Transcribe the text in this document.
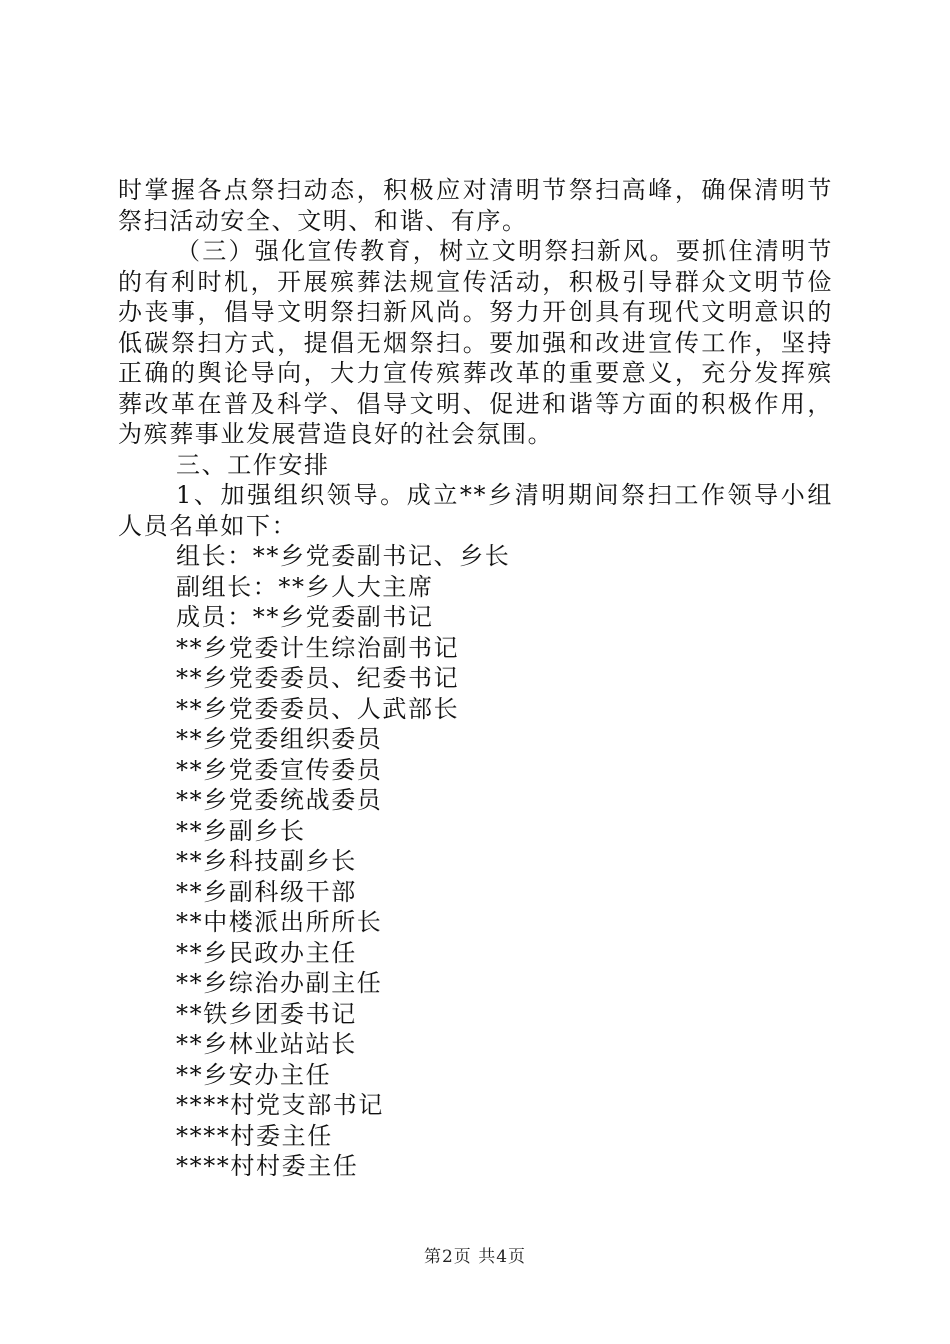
时掌握各点祭扫动态，积极应对清明节祭扫高峰，确保清明节祭扫活动安全、文明、和谐、有序。

（三）强化宣传教育，树立文明祭扫新风。要抓住清明节的有利时机，开展殡葬法规宣传活动，积极引导群众文明节俭办丧事，倡导文明祭扫新风尚。努力开创具有现代文明意识的低碳祭扫方式，提倡无烟祭扫。要加强和改进宣传工作，坚持正确的舆论导向，大力宣传殡葬改革的重要意义，充分发挥殡葬改革在普及科学、倡导文明、促进和谐等方面的积极作用，为殡葬事业发展营造良好的社会氛围。

三、工作安排

1、加强组织领导。成立**乡清明期间祭扫工作领导小组人员名单如下：

组长：**乡党委副书记、乡长

副组长：**乡人大主席

成员：**乡党委副书记

**乡党委计生综治副书记

**乡党委委员、纪委书记

**乡党委委员、人武部长

**乡党委组织委员

**乡党委宣传委员

**乡党委统战委员

**乡副乡长

**乡科技副乡长

**乡副科级干部

**中楼派出所所长

**乡民政办主任

**乡综治办副主任

**铁乡团委书记

**乡林业站站长

**乡安办主任

****村党支部书记

****村委主任

****村村委主任

第2页 共4页
